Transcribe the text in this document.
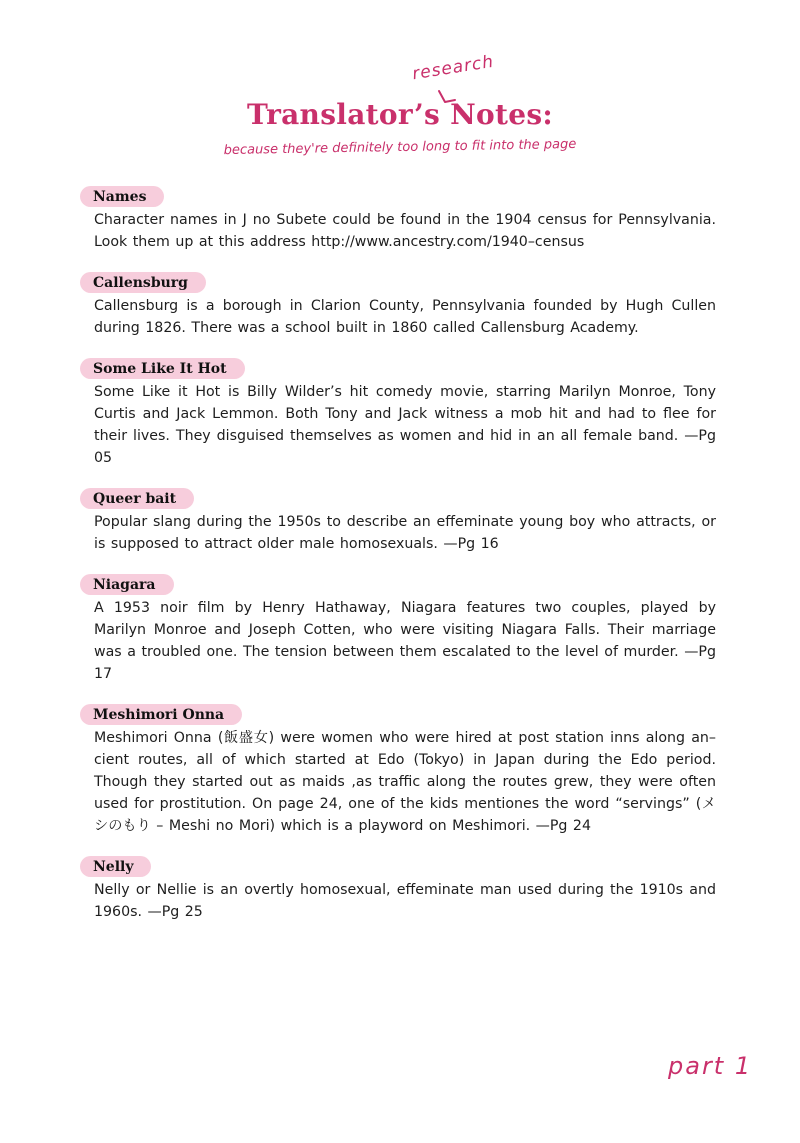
research
Translator’s Notes:
because they're definitely too long to fit into the page
Names

Character names in J no Subete could be found in the 1904 census for Pennsylvania. Look them up at this address http://www.ancestry.com/1940–census

Callensburg

Callensburg is a borough in Clarion County, Pennsylvania founded by Hugh Cullen during 1826. There was a school built in 1860 called Callensburg Academy.

Some Like It Hot

Some Like it Hot is Billy Wilder’s hit comedy movie, starring Marilyn Monroe, Tony Curtis and Jack Lemmon. Both Tony and Jack witness a mob hit and had to flee for their lives. They disguised themselves as women and hid in an all female band. —Pg 05

Queer bait

Popular slang during the 1950s to describe an effeminate young boy who attracts, or is supposed to attract older male homosexuals. —Pg 16

Niagara

A 1953 noir film by Henry Hathaway, Niagara features two couples, played by Marilyn Monroe and Joseph Cotten, who were visiting Niagara Falls. Their marriage was a troubled one. The tension between them escalated to the level of murder. —Pg 17

Meshimori Onna

Meshimori Onna (飯盛女) were women who were hired at post station inns along an–cient routes, all of which started at Edo (Tokyo) in Japan during the Edo period. Though they started out as maids ,as traffic along the routes grew, they were often used for prostitution. On page 24, one of the kids mentiones the word “servings” (メシのもり – Meshi no Mori) which is a playword on Meshimori. —Pg 24

Nelly

Nelly or Nellie is an overtly homosexual, effeminate man used during the 1910s and 1960s. —Pg 25

part 1
